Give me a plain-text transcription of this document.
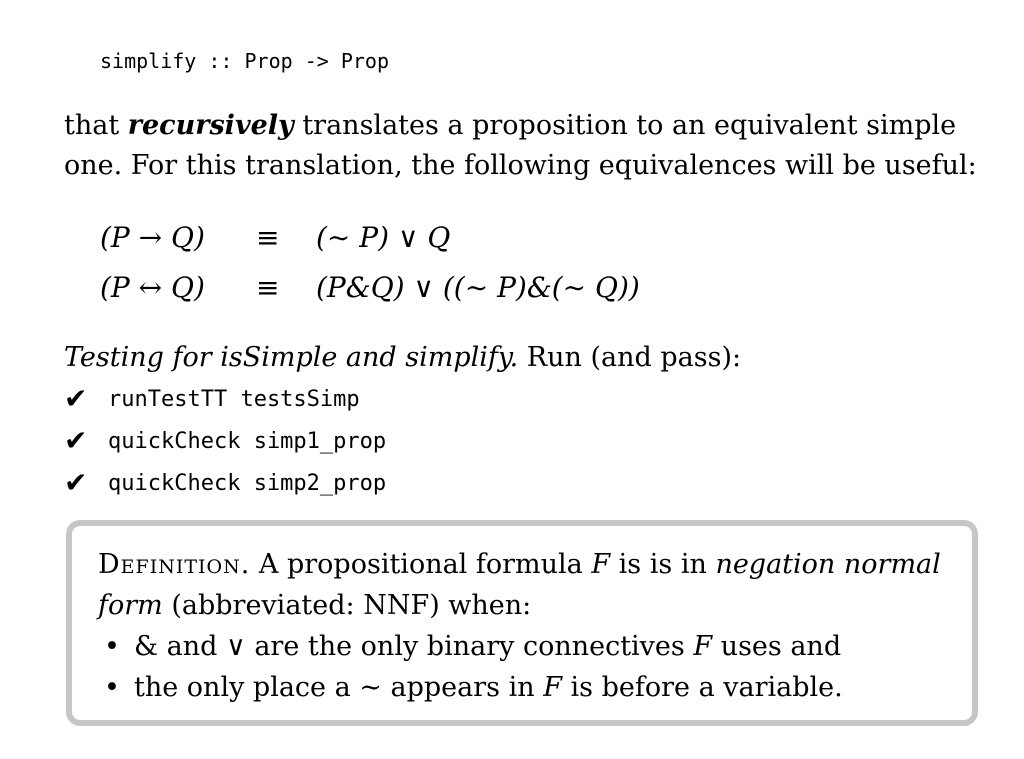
simplify :: Prop -> Prop
that recursively translates a proposition to an equivalent simple one. For this translation, the following equivalences will be useful:
(P → Q) ≡ (∼ P) ∨ Q
(P ↔ Q) ≡ (P&Q) ∨ ((∼ P)&(∼ Q))
Testing for isSimple and simplify. Run (and pass):
✔ runTestTT testsSimp
✔ quickCheck simp1_prop
✔ quickCheck simp2_prop
Definition. A propositional formula F is is in negation normal form (abbreviated: NNF) when:
• & and ∨ are the only binary connectives F uses and
• the only place a ∼ appears in F is before a variable.
